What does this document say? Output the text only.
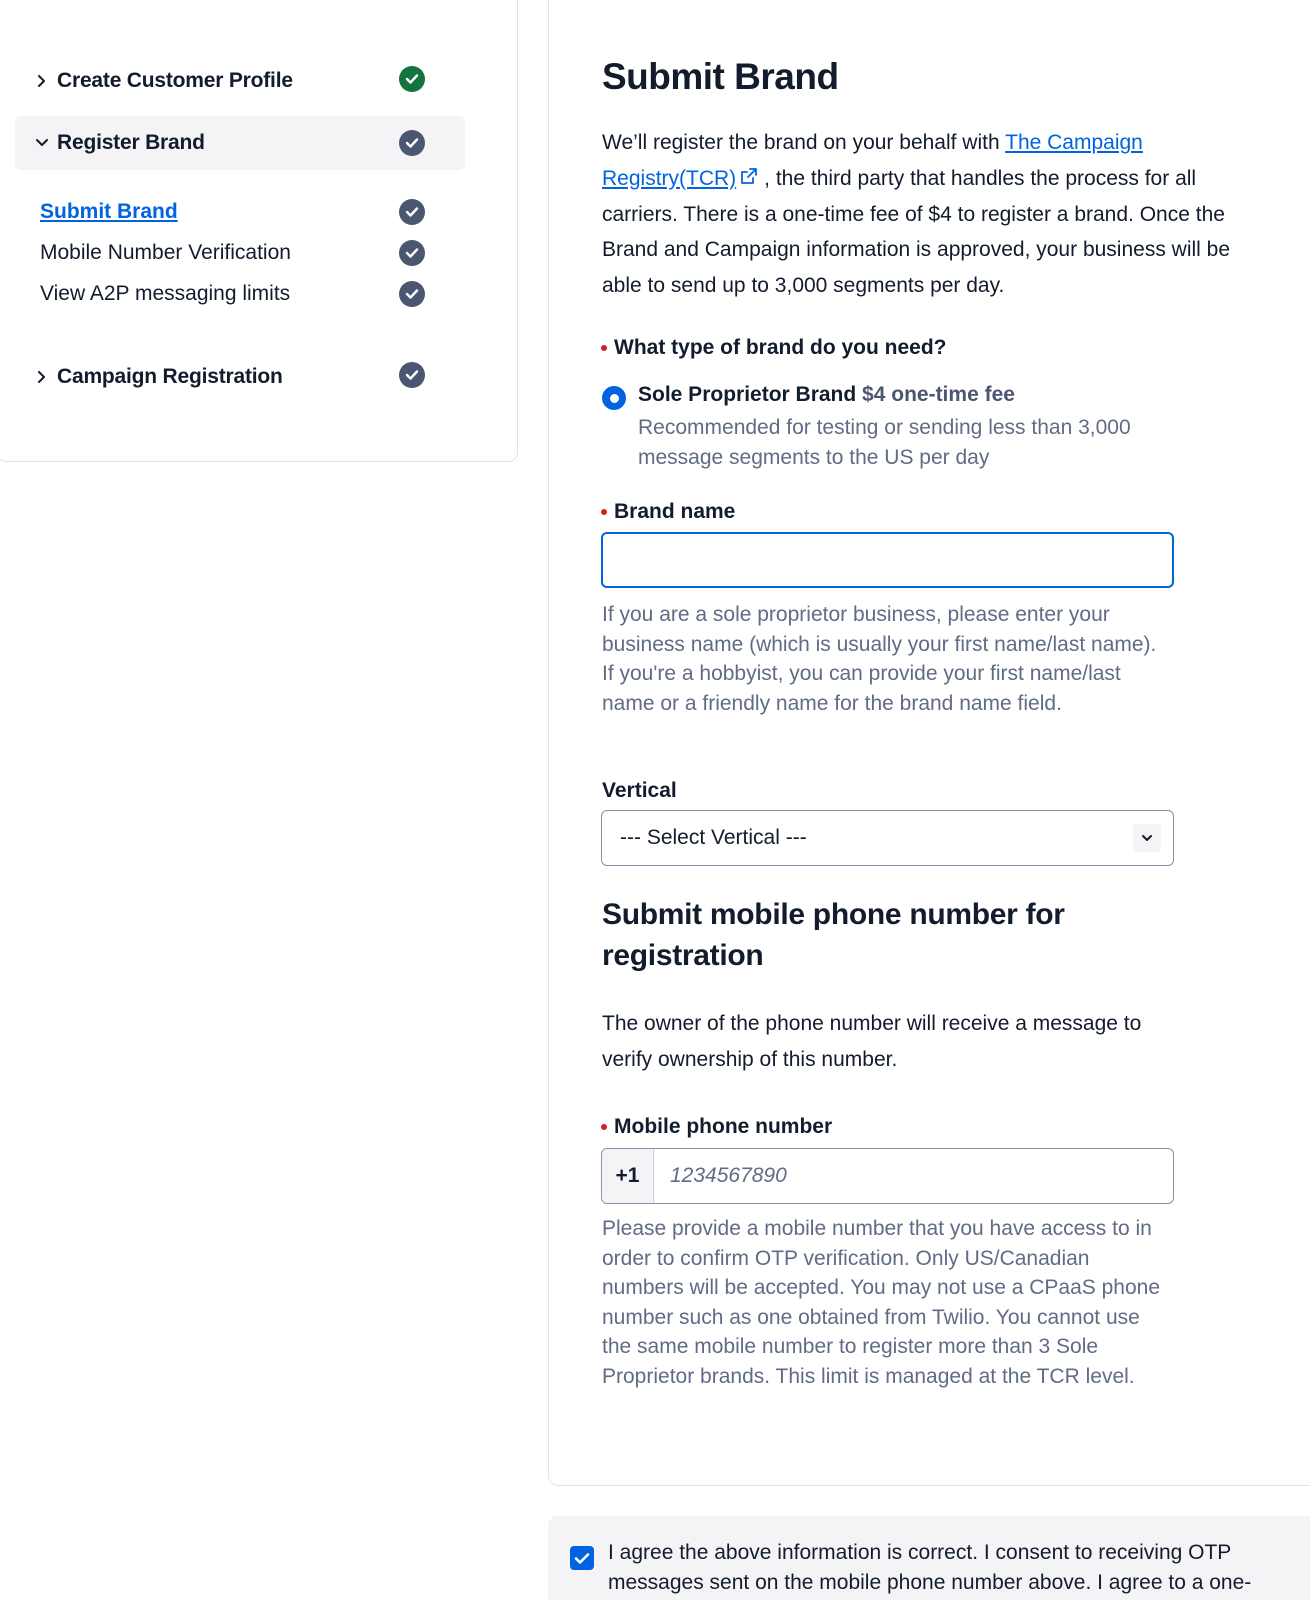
Create Customer Profile
Register Brand
Submit Brand
Mobile Number Verification
View A2P messaging limits
Campaign Registration
Submit Brand

We’ll register the brand on your behalf with The Campaign Registry(TCR) , the third party that handles the process for all carriers. There is a one-time fee of $4 to register a brand. Once the Brand and Campaign information is approved, your business will be able to send up to 3,000 segments per day.

What type of brand do you need?
Sole Proprietor Brand $4 one-time fee

Recommended for testing or sending less than 3,000 message segments to the US per day

Brand name

If you are a sole proprietor business, please enter your business name (which is usually your first name/last name). If you're a hobbyist, you can provide your first name/last name or a friendly name for the brand name field.

Vertical
--- Select Vertical ---
Submit mobile phone number for registration

The owner of the phone number will receive a message to verify ownership of this number.

Mobile phone number
+1
1234567890

Please provide a mobile number that you have access to in order to confirm OTP verification. Only US/Canadian numbers will be accepted. You may not use a CPaaS phone number such as one obtained from Twilio. You cannot use the same mobile number to register more than 3 Sole Proprietor brands. This limit is managed at the TCR level.

I agree the above information is correct. I consent to receiving OTP messages sent on the mobile phone number above. I agree to a one-
